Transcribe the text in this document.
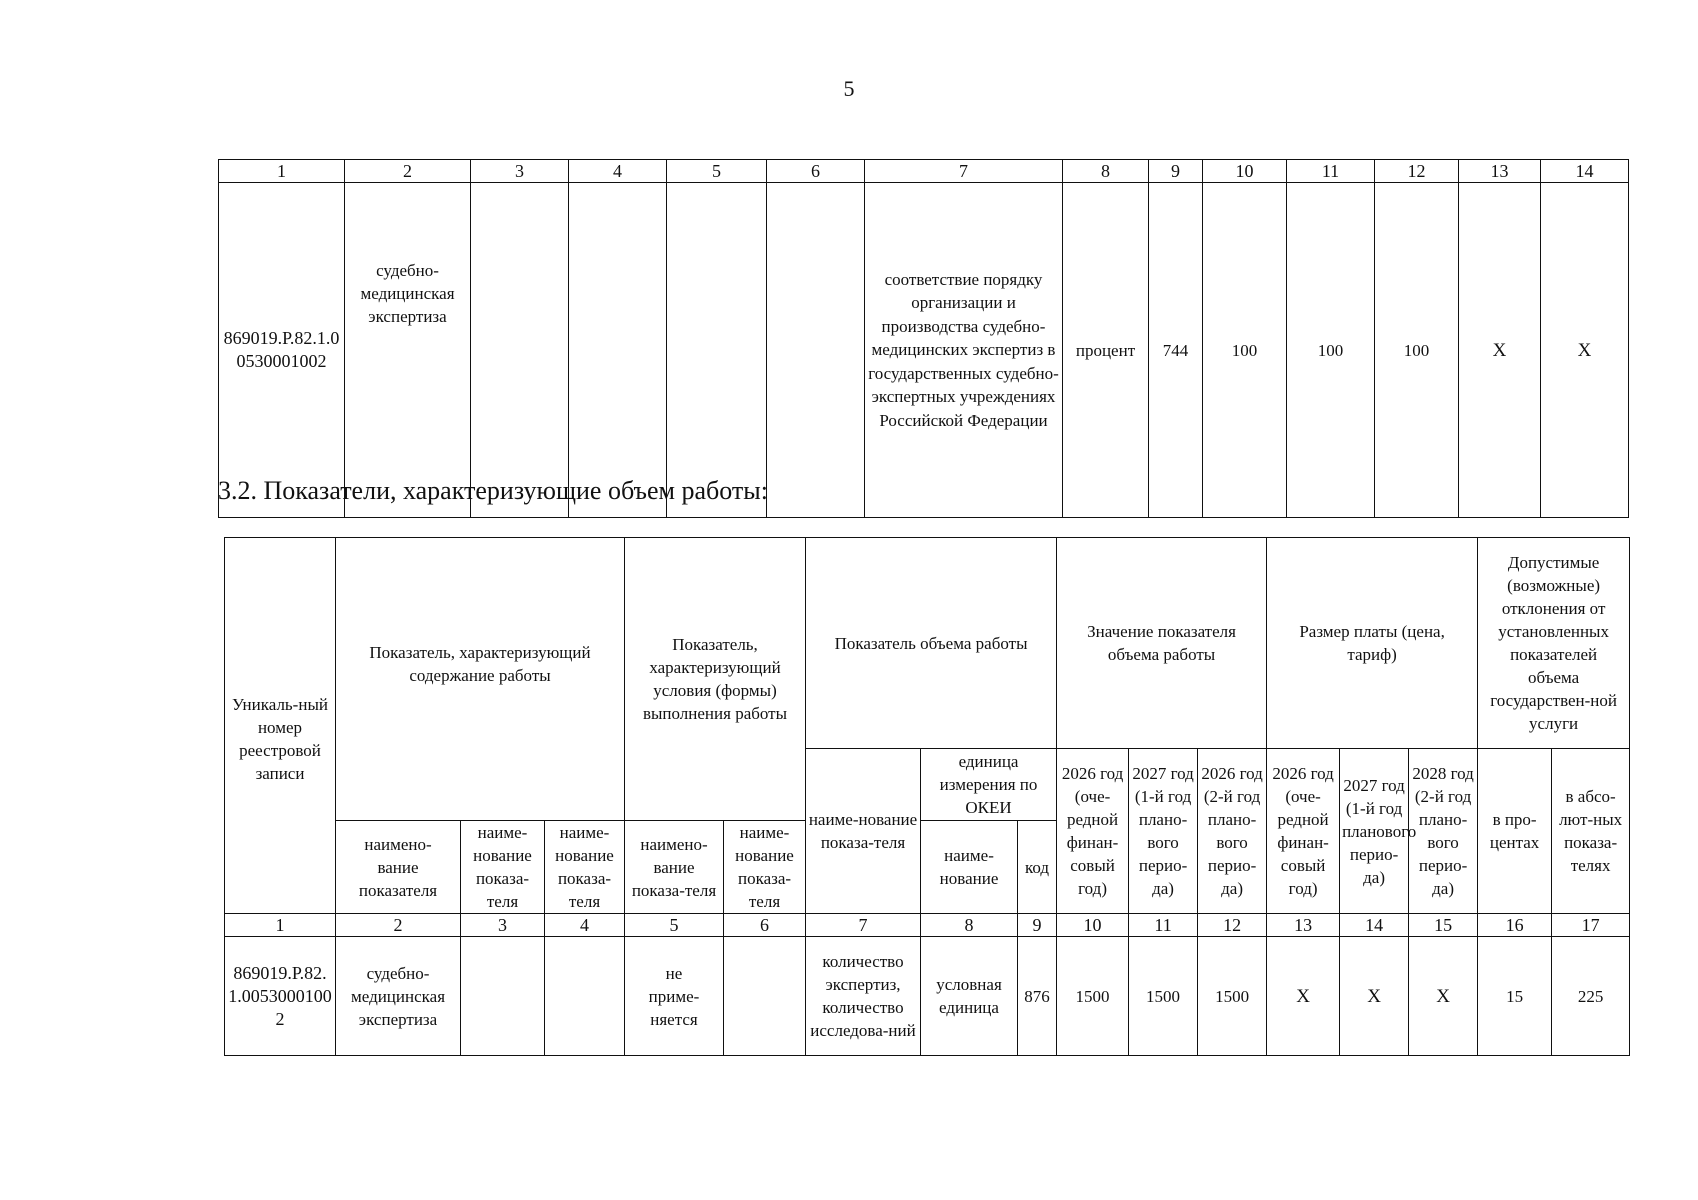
5
1	2	3	4	5	6	7	8	9	10	11	12	13	14
869019.Р.82.1.00530001002	судебно-медицинская экспертиза					соответствие порядку организации и производства судебно-медицинских экспертиз в государственных судебно-экспертных учреждениях Российской Федерации	процент	744	100	100	100	Х	Х
3.2. Показатели, характеризующие объем работы:
Уникаль-ный номер реестровой записи	Показатель, характеризующий содержание работы			Показатель, характеризующий условия (формы) выполнения работы		Показатель объема работы			Значение показателя объема работы			Размер платы (цена, тариф)			Допустимые (возможные) отклонения от установленных показателей объема государствен-ной услуги	
						наиме-нование показа-теля	единица измерения по ОКЕИ		2026 год (оче-редной финан-совый год)	2027 год (1-й год плано-вого перио-да)	2026 год (2-й год плано-вого перио-да)	2026 год (оче-редной финан-совый год)	2027 год (1-й год планового перио-да)	2028 год (2-й год плано-вого перио-да)	в про-центах	в абсо-лют-ных показа-телях
	наимено-вание показателя	наиме-нование показа-теля	наиме-нование показа-теля	наимено-вание показа-теля	наиме-нование показа-теля		наиме-нование	код								

1	2	3	4	5	6	7	8	9	10	11	12	13	14	15	16	17
869019.Р.82.1.00530001002	судебно-медицинская экспертиза			не приме-няется		количество экспертиз, количество исследова-ний	условная единица	876	1500	1500	1500	Х	Х	Х	15	225
